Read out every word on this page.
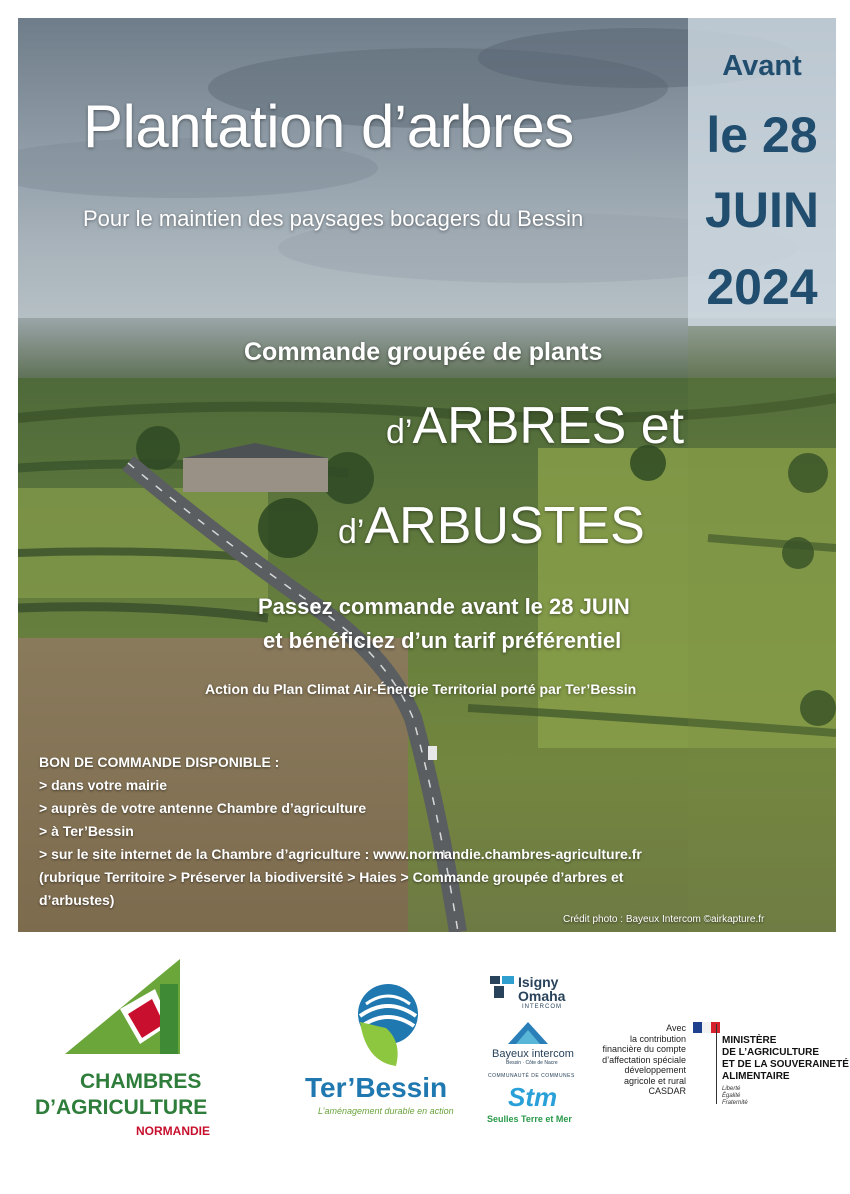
Avant
le 28
JUIN
2024
Plantation d’arbres
Pour le maintien des paysages bocagers du Bessin
Commande groupée de plants
d’ARBRES et
d’ARBUSTES
Passez commande avant le 28 JUIN
et bénéficiez d’un tarif préférentiel
Action du Plan Climat Air-Énergie Territorial porté par Ter’Bessin
BON DE COMMANDE DISPONIBLE :
> dans votre mairie
> auprès de votre antenne Chambre d’agriculture
> à Ter’Bessin
> sur le site internet de la Chambre d’agriculture : www.normandie.chambres-agriculture.fr
(rubrique Territoire > Préserver la biodiversité > Haies > Commande groupée d’arbres et
d’arbustes)
Crédit photo : Bayeux Intercom ©airkapture.fr
CHAMBRES
D’AGRICULTURE
NORMANDIE
Ter’Bessin
L’aménagement durable en action
Isigny
Omaha
INTERCOM
Bayeux intercom
Bessin · Côte de Nacre
COMMUNAUTÉ DE COMMUNES
Stm
Seulles Terre et Mer
Avec
la contribution
financière du compte
d’affectation spéciale
développement
agricole et rural
CASDAR
MINISTÈRE
DE L’AGRICULTURE
ET DE LA SOUVERAINETÉ
ALIMENTAIRE
Liberté
Égalité
Fraternité
